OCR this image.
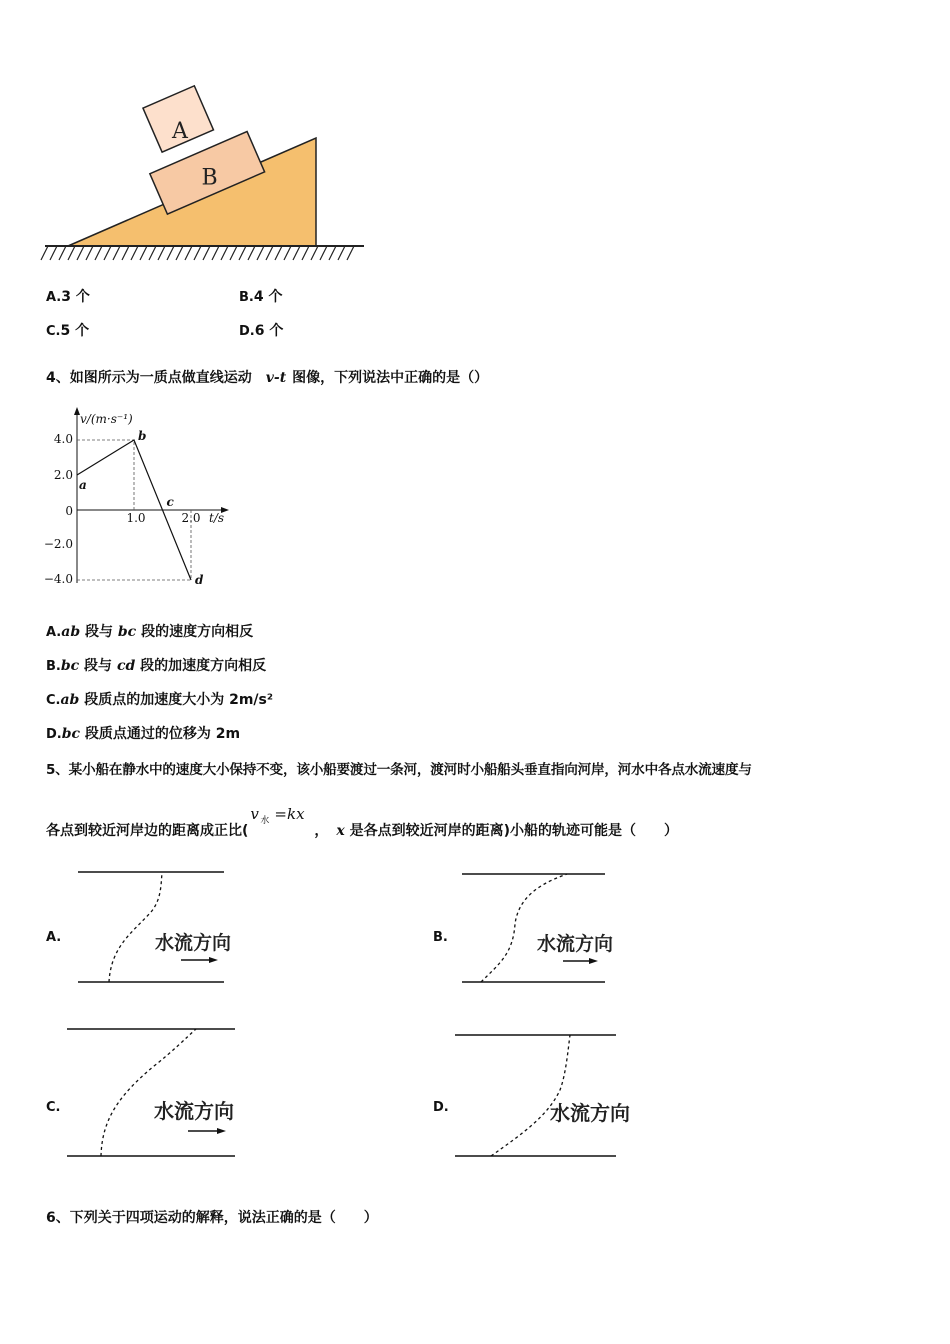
B
A
A.3 个	B.4 个
C.5 个	D.6 个
4、如图所示为一质点做直线运动 v-t 图像，下列说法中正确的是（）
v/(m·s⁻¹)
t/s
4.0
2.0
0
−2.0
−4.0
1.0	2.0
a
b
d
c
A.ab 段与 bc 段的速度方向相反
B.bc 段与 cd 段的加速度方向相反
C.ab 段质点的加速度大小为 2m/s²
D.bc 段质点通过的位移为 2m
5、某小船在静水中的速度大小保持不变，该小船要渡过一条河，渡河时小船船头垂直指向河岸，河水中各点水流速度与
各点到较近河岸边的距离成正比(
v 水 =kx
， x 是各点到较近河岸的距离)小船的轨迹可能是（　　）
A.	B.
C.	D.
水流方向	水流方向
水流方向	水流方向
6、下列关于四项运动的解释，说法正确的是（　　）
